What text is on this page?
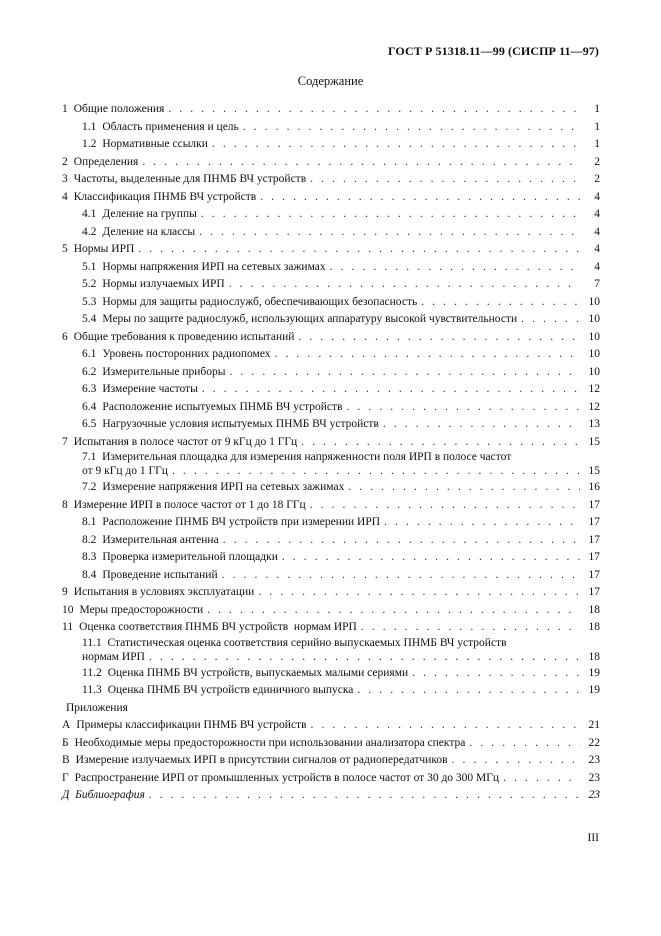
ГОСТ Р 51318.11—99 (СИСПР 11—97)
Содержание
1 Общие положения . . .	1
1.1 Область применения и цель . . .	1
1.2 Нормативные ссылки . . .	1
2 Определения . . .	2
3 Частоты, выделенные для ПНМБ ВЧ устройств . . .	2
4 Классификация ПНМБ ВЧ устройств . . .	4
4.1 Деление на группы . . .	4
4.2 Деление на классы . . .	4
5 Нормы ИРП . . .	4
5.1 Нормы напряжения ИРП на сетевых зажимах . . .	4
5.2 Нормы излучаемых ИРП . . .	7
5.3 Нормы для защиты радиослужб, обеспечивающих безопасность . . .	10
5.4 Меры по защите радиослужб, использующих аппаратуру высокой чувствительности . . .	10
6 Общие требования к проведению испытаний . . .	10
6.1 Уровень посторонних радиопомех . . .	10
6.2 Измерительные приборы . . .	10
6.3 Измерение частоты . . .	12
6.4 Расположение испытуемых ПНМБ ВЧ устройств . . .	12
6.5 Нагрузочные условия испытуемых ПНМБ ВЧ устройств . . .	13
7 Испытания в полосе частот от 9 кГц до 1 ГГц . . .	15
7.1 Измерительная площадка для измерения напряженности поля ИРП в полосе частот
от 9 кГц до 1 ГГц . . .	15
7.2 Измерение напряжения ИРП на сетевых зажимах . . .	16
8 Измерение ИРП в полосе частот от 1 до 18 ГГц . . .	17
8.1 Расположение ПНМБ ВЧ устройств при измерении ИРП . . .	17
8.2 Измерительная антенна . . .	17
8.3 Проверка измерительной площадки . . .	17
8.4 Проведение испытаний . . .	17
9 Испытания в условиях эксплуатации . . .	17
10 Меры предосторожности . . .	18
11 Оценка соответствия ПНМБ ВЧ устройств  нормам ИРП . . .	18
11.1 Статистическая оценка соответствия серийно выпускаемых ПНМБ ВЧ устройств
нормам ИРП . . .	18
11.2 Оценка ПНМБ ВЧ устройств, выпускаемых малыми сериями . . .	19
11.3 Оценка ПНМБ ВЧ устройств единичного выпуска . . .	19
Приложения
А Примеры классификации ПНМБ ВЧ устройств . . .	21
Б Необходимые меры предосторожности при использовании анализатора спектра . . .	22
В Измерение излучаемых ИРП в присутствии сигналов от радиопередатчиков . . .	23
Г Распространение ИРП от промышленных устройств в полосе частот от 30 до 300 МГц . . .	23
Д Библиография . . .	23
III
